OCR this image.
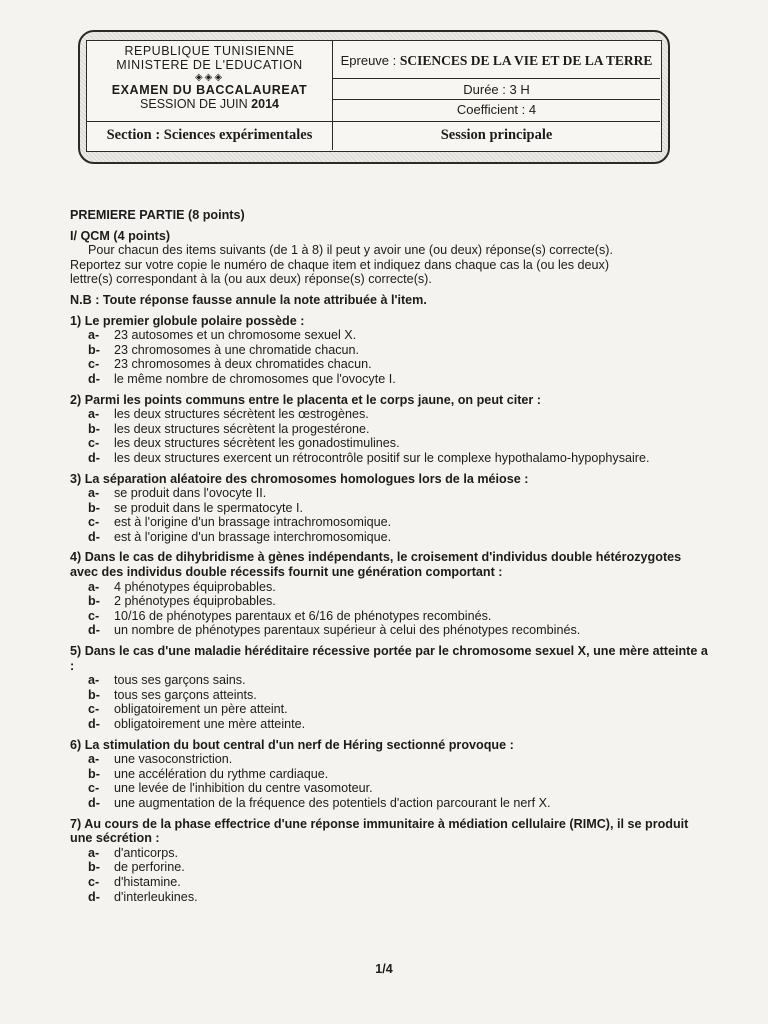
REPUBLIQUE TUNISIENNE
MINISTERE DE L'EDUCATION
◈◈◈
EXAMEN DU BACCALAUREAT
SESSION DE JUIN 2014
Epreuve : SCIENCES DE LA VIE ET DE LA TERRE
Durée : 3 H
Coefficient : 4
Section : Sciences expérimentales	Session principale
PREMIERE PARTIE (8 points)
I/ QCM (4 points)

Pour chacun des items suivants (de 1 à 8) il peut y avoir une (ou deux) réponse(s) correcte(s).

Reportez sur votre copie le numéro de chaque item et indiquez dans chaque cas la (ou les deux)

lettre(s) correspondant à la (ou aux deux) réponse(s) correcte(s).

N.B : Toute réponse fausse annule la note attribuée à l'item.
1) Le premier globule polaire possède :
a- 23 autosomes et un chromosome sexuel X.
b- 23 chromosomes à une chromatide chacun.
c- 23 chromosomes à deux chromatides chacun.
d- le même nombre de chromosomes que l'ovocyte I.
2) Parmi les points communs entre le placenta et le corps jaune, on peut citer :
a- les deux structures sécrètent les œstrogènes.
b- les deux structures sécrètent la progestérone.
c- les deux structures sécrètent les gonadostimulines.
d- les deux structures exercent un rétrocontrôle positif sur le complexe hypothalamo-hypophysaire.
3) La séparation aléatoire des chromosomes homologues lors de la méiose :
a- se produit dans l'ovocyte II.
b- se produit dans le spermatocyte I.
c- est à l'origine d'un brassage intrachromosomique.
d- est à l'origine d'un brassage interchromosomique.
4) Dans le cas de dihybridisme à gènes indépendants, le croisement d'individus double hétérozygotes avec des individus double récessifs fournit une génération comportant :
a- 4 phénotypes équiprobables.
b- 2 phénotypes équiprobables.
c- 10/16 de phénotypes parentaux et 6/16 de phénotypes recombinés.
d- un nombre de phénotypes parentaux supérieur à celui des phénotypes recombinés.
5) Dans le cas d'une maladie héréditaire récessive portée par le chromosome sexuel X, une mère atteinte a :
a- tous ses garçons sains.
b- tous ses garçons atteints.
c- obligatoirement un père atteint.
d- obligatoirement une mère atteinte.
6) La stimulation du bout central d'un nerf de Héring sectionné provoque :
a- une vasoconstriction.
b- une accélération du rythme cardiaque.
c- une levée de l'inhibition du centre vasomoteur.
d- une augmentation de la fréquence des potentiels d'action parcourant le nerf X.
7) Au cours de la phase effectrice d'une réponse immunitaire à médiation cellulaire (RIMC), il se produit une sécrétion :
a- d'anticorps.
b- de perforine.
c- d'histamine.
d- d'interleukines.
1/4
